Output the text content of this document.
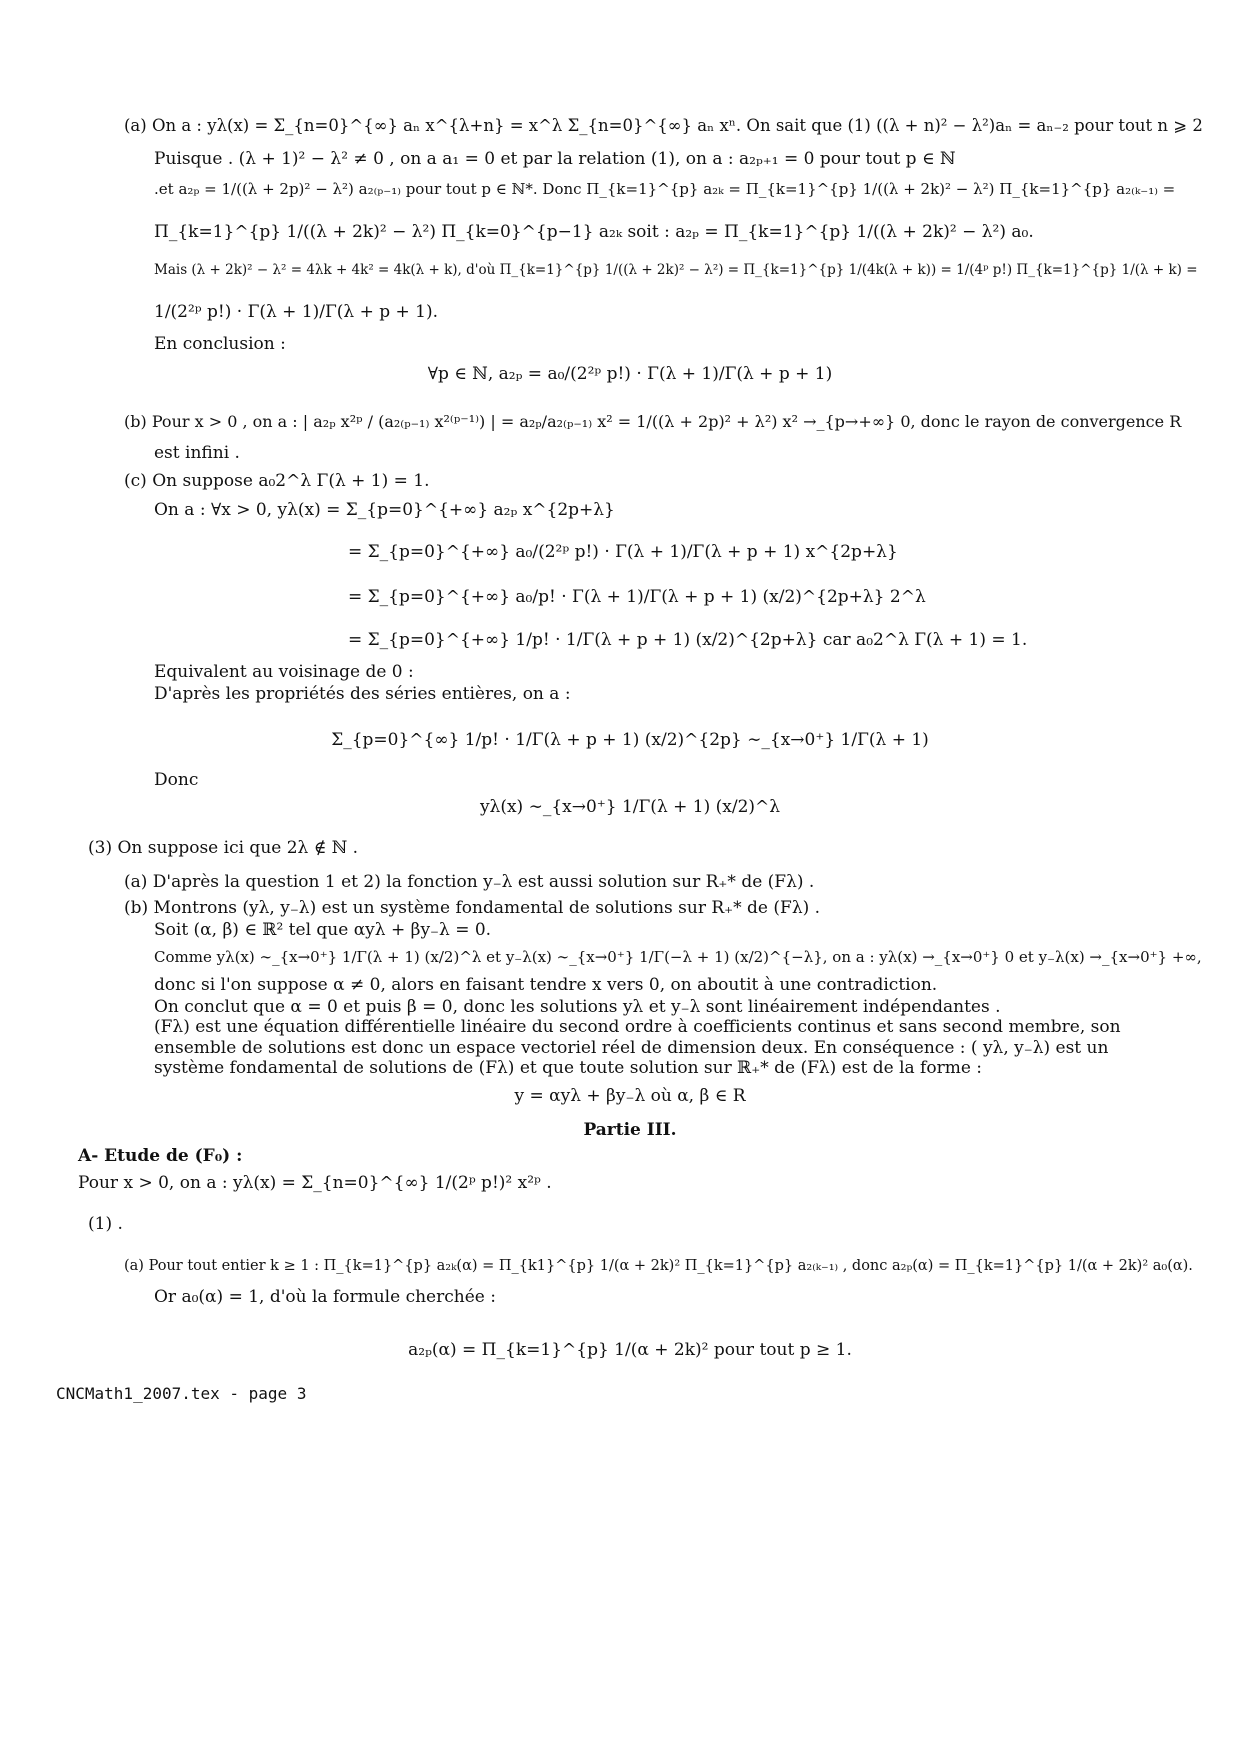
(a) On a : yλ(x) = Σ_{n=0}^{∞} aₙ x^{λ+n} = x^λ Σ_{n=0}^{∞} aₙ xⁿ. On sait que (1) ((λ + n)² − λ²)aₙ = aₙ₋₂ pour tout n ⩾ 2
Puisque . (λ + 1)² − λ² ≠ 0 , on a a₁ = 0 et par la relation (1), on a : a₂ₚ₊₁ = 0 pour tout p ∈ ℕ
.et a₂ₚ = 1/((λ + 2p)² − λ²) a₂₍ₚ₋₁₎ pour tout p ∈ ℕ*. Donc Π_{k=1}^{p} a₂ₖ = Π_{k=1}^{p} 1/((λ + 2k)² − λ²) Π_{k=1}^{p} a₂₍ₖ₋₁₎ =
Π_{k=1}^{p} 1/((λ + 2k)² − λ²) Π_{k=0}^{p−1} a₂ₖ soit : a₂ₚ = Π_{k=1}^{p} 1/((λ + 2k)² − λ²) a₀.
Mais (λ + 2k)² − λ² = 4λk + 4k² = 4k(λ + k), d'où Π_{k=1}^{p} 1/((λ + 2k)² − λ²) = Π_{k=1}^{p} 1/(4k(λ + k)) = 1/(4ᵖ p!) Π_{k=1}^{p} 1/(λ + k) =
1/(2²ᵖ p!) · Γ(λ + 1)/Γ(λ + p + 1).
En conclusion :
∀p ∈ ℕ, a₂ₚ = a₀/(2²ᵖ p!) · Γ(λ + 1)/Γ(λ + p + 1)
(b) Pour x > 0 , on a : | a₂ₚ x²ᵖ / (a₂₍ₚ₋₁₎ x²⁽ᵖ⁻¹⁾) | = a₂ₚ/a₂₍ₚ₋₁₎ x² = 1/((λ + 2p)² + λ²) x² →_{p→+∞} 0, donc le rayon de convergence R
est infini .
(c) On suppose a₀2^λ Γ(λ + 1) = 1.
On a : ∀x > 0, yλ(x) = Σ_{p=0}^{+∞} a₂ₚ x^{2p+λ}
= Σ_{p=0}^{+∞} a₀/(2²ᵖ p!) · Γ(λ + 1)/Γ(λ + p + 1) x^{2p+λ}
= Σ_{p=0}^{+∞} a₀/p! · Γ(λ + 1)/Γ(λ + p + 1) (x/2)^{2p+λ} 2^λ
= Σ_{p=0}^{+∞} 1/p! · 1/Γ(λ + p + 1) (x/2)^{2p+λ} car a₀2^λ Γ(λ + 1) = 1.
Equivalent au voisinage de 0 :
D'après les propriétés des séries entières, on a :
Σ_{p=0}^{∞} 1/p! · 1/Γ(λ + p + 1) (x/2)^{2p} ∼_{x→0⁺} 1/Γ(λ + 1)
Donc
yλ(x) ∼_{x→0⁺} 1/Γ(λ + 1) (x/2)^λ
(3) On suppose ici que 2λ ∉ ℕ .
(a) D'après la question 1 et 2) la fonction y₋λ est aussi solution sur R₊* de (Fλ) .
(b) Montrons (yλ, y₋λ) est un système fondamental de solutions sur R₊* de (Fλ) .
Soit (α, β) ∈ ℝ² tel que αyλ + βy₋λ = 0.
Comme yλ(x) ∼_{x→0⁺} 1/Γ(λ + 1) (x/2)^λ et y₋λ(x) ∼_{x→0⁺} 1/Γ(−λ + 1) (x/2)^{−λ}, on a : yλ(x) →_{x→0⁺} 0 et y₋λ(x) →_{x→0⁺} +∞,
donc si l'on suppose α ≠ 0, alors en faisant tendre x vers 0, on aboutit à une contradiction.
On conclut que α = 0 et puis β = 0, donc les solutions yλ et y₋λ sont linéairement indépendantes .
(Fλ) est une équation différentielle linéaire du second ordre à coefficients continus et sans second membre, son
ensemble de solutions est donc un espace vectoriel réel de dimension deux. En conséquence : ( yλ, y₋λ) est un
système fondamental de solutions de (Fλ) et que toute solution sur ℝ₊* de (Fλ) est de la forme :
y = αyλ + βy₋λ où α, β ∈ R
Partie III.
A- Etude de (F₀) :
Pour x > 0, on a : yλ(x) = Σ_{n=0}^{∞} 1/(2ᵖ p!)² x²ᵖ .
(1) .
(a) Pour tout entier k ≥ 1 : Π_{k=1}^{p} a₂ₖ(α) = Π_{k1}^{p} 1/(α + 2k)² Π_{k=1}^{p} a₂₍ₖ₋₁₎ , donc a₂ₚ(α) = Π_{k=1}^{p} 1/(α + 2k)² a₀(α).
Or a₀(α) = 1, d'où la formule cherchée :
a₂ₚ(α) = Π_{k=1}^{p} 1/(α + 2k)² pour tout p ≥ 1.
CNCMath1_2007.tex - page 3
